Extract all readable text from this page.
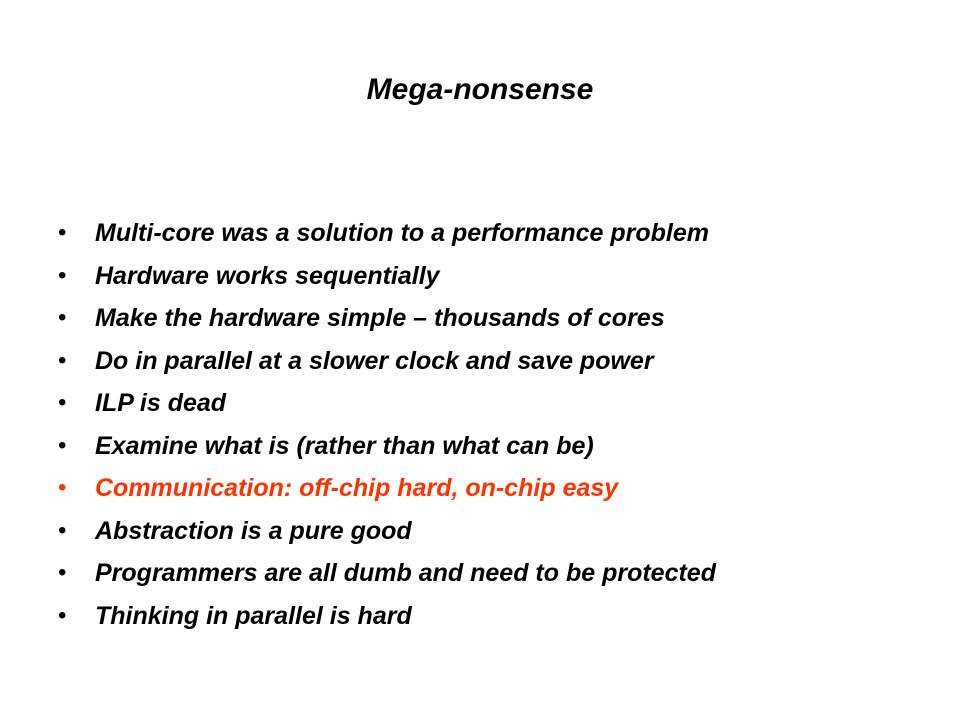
Mega-nonsense
• Multi-core was a solution to a performance problem
• Hardware works sequentially
• Make the hardware simple – thousands of cores
• Do in parallel at a slower clock and save power
• ILP is dead
• Examine what is (rather than what can be)
• Communication: off-chip hard, on-chip easy
• Abstraction is a pure good
• Programmers are all dumb and need to be protected
• Thinking in parallel is hard
